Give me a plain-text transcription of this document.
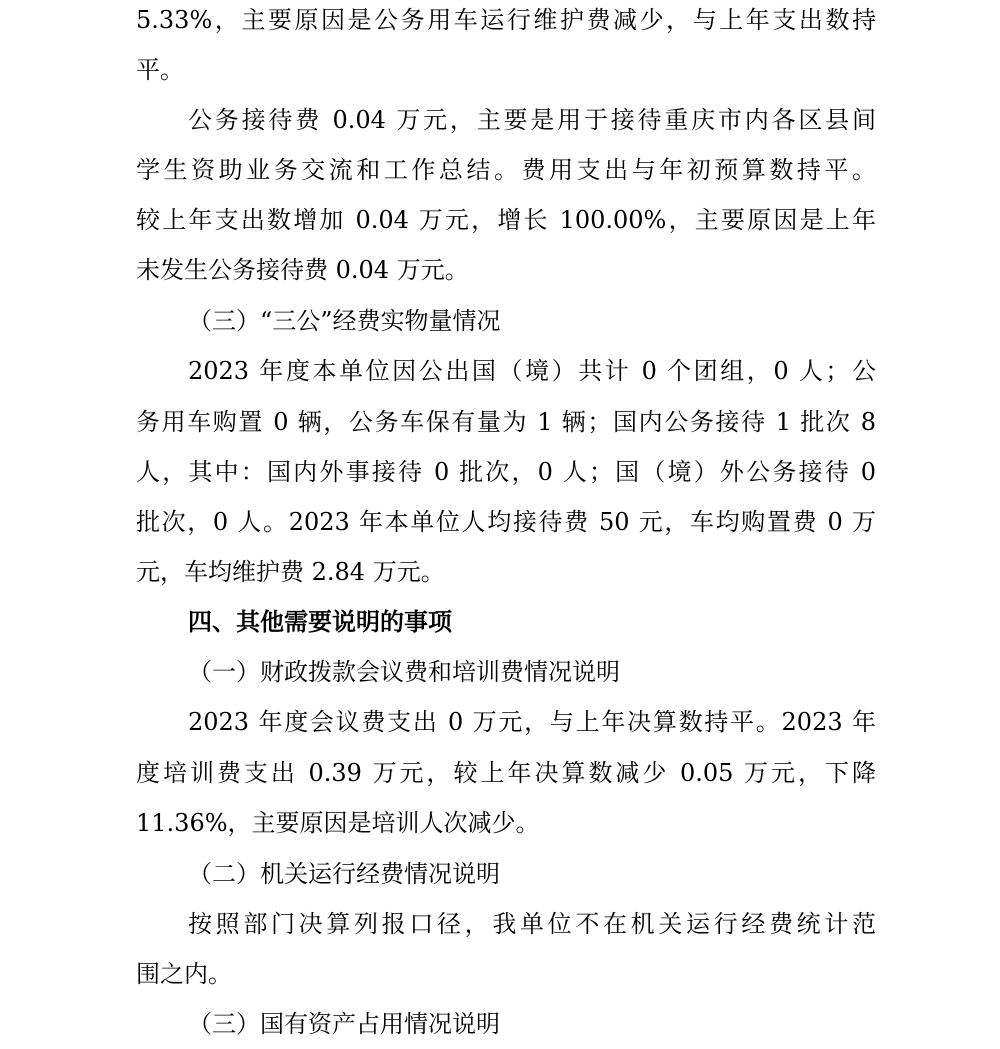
5.33%，主要原因是公务用车运行维护费减少，与上年支出数持

平。

公务接待费 0.04 万元，主要是用于接待重庆市内各区县间

学生资助业务交流和工作总结。费用支出与年初预算数持平。

较上年支出数增加 0.04 万元，增长 100.00%，主要原因是上年

未发生公务接待费 0.04 万元。

（三）“三公”经费实物量情况

2023 年度本单位因公出国（境）共计 0 个团组，0 人；公

务用车购置 0 辆，公务车保有量为 1 辆；国内公务接待 1 批次 8

人，其中：国内外事接待 0 批次，0 人；国（境）外公务接待 0

批次，0 人。2023 年本单位人均接待费 50 元，车均购置费 0 万

元，车均维护费 2.84 万元。

四、其他需要说明的事项

（一）财政拨款会议费和培训费情况说明

2023 年度会议费支出 0 万元，与上年决算数持平。2023 年

度培训费支出 0.39 万元，较上年决算数减少 0.05 万元，下降

11.36%，主要原因是培训人次减少。

（二）机关运行经费情况说明

按照部门决算列报口径，我单位不在机关运行经费统计范

围之内。

（三）国有资产占用情况说明
